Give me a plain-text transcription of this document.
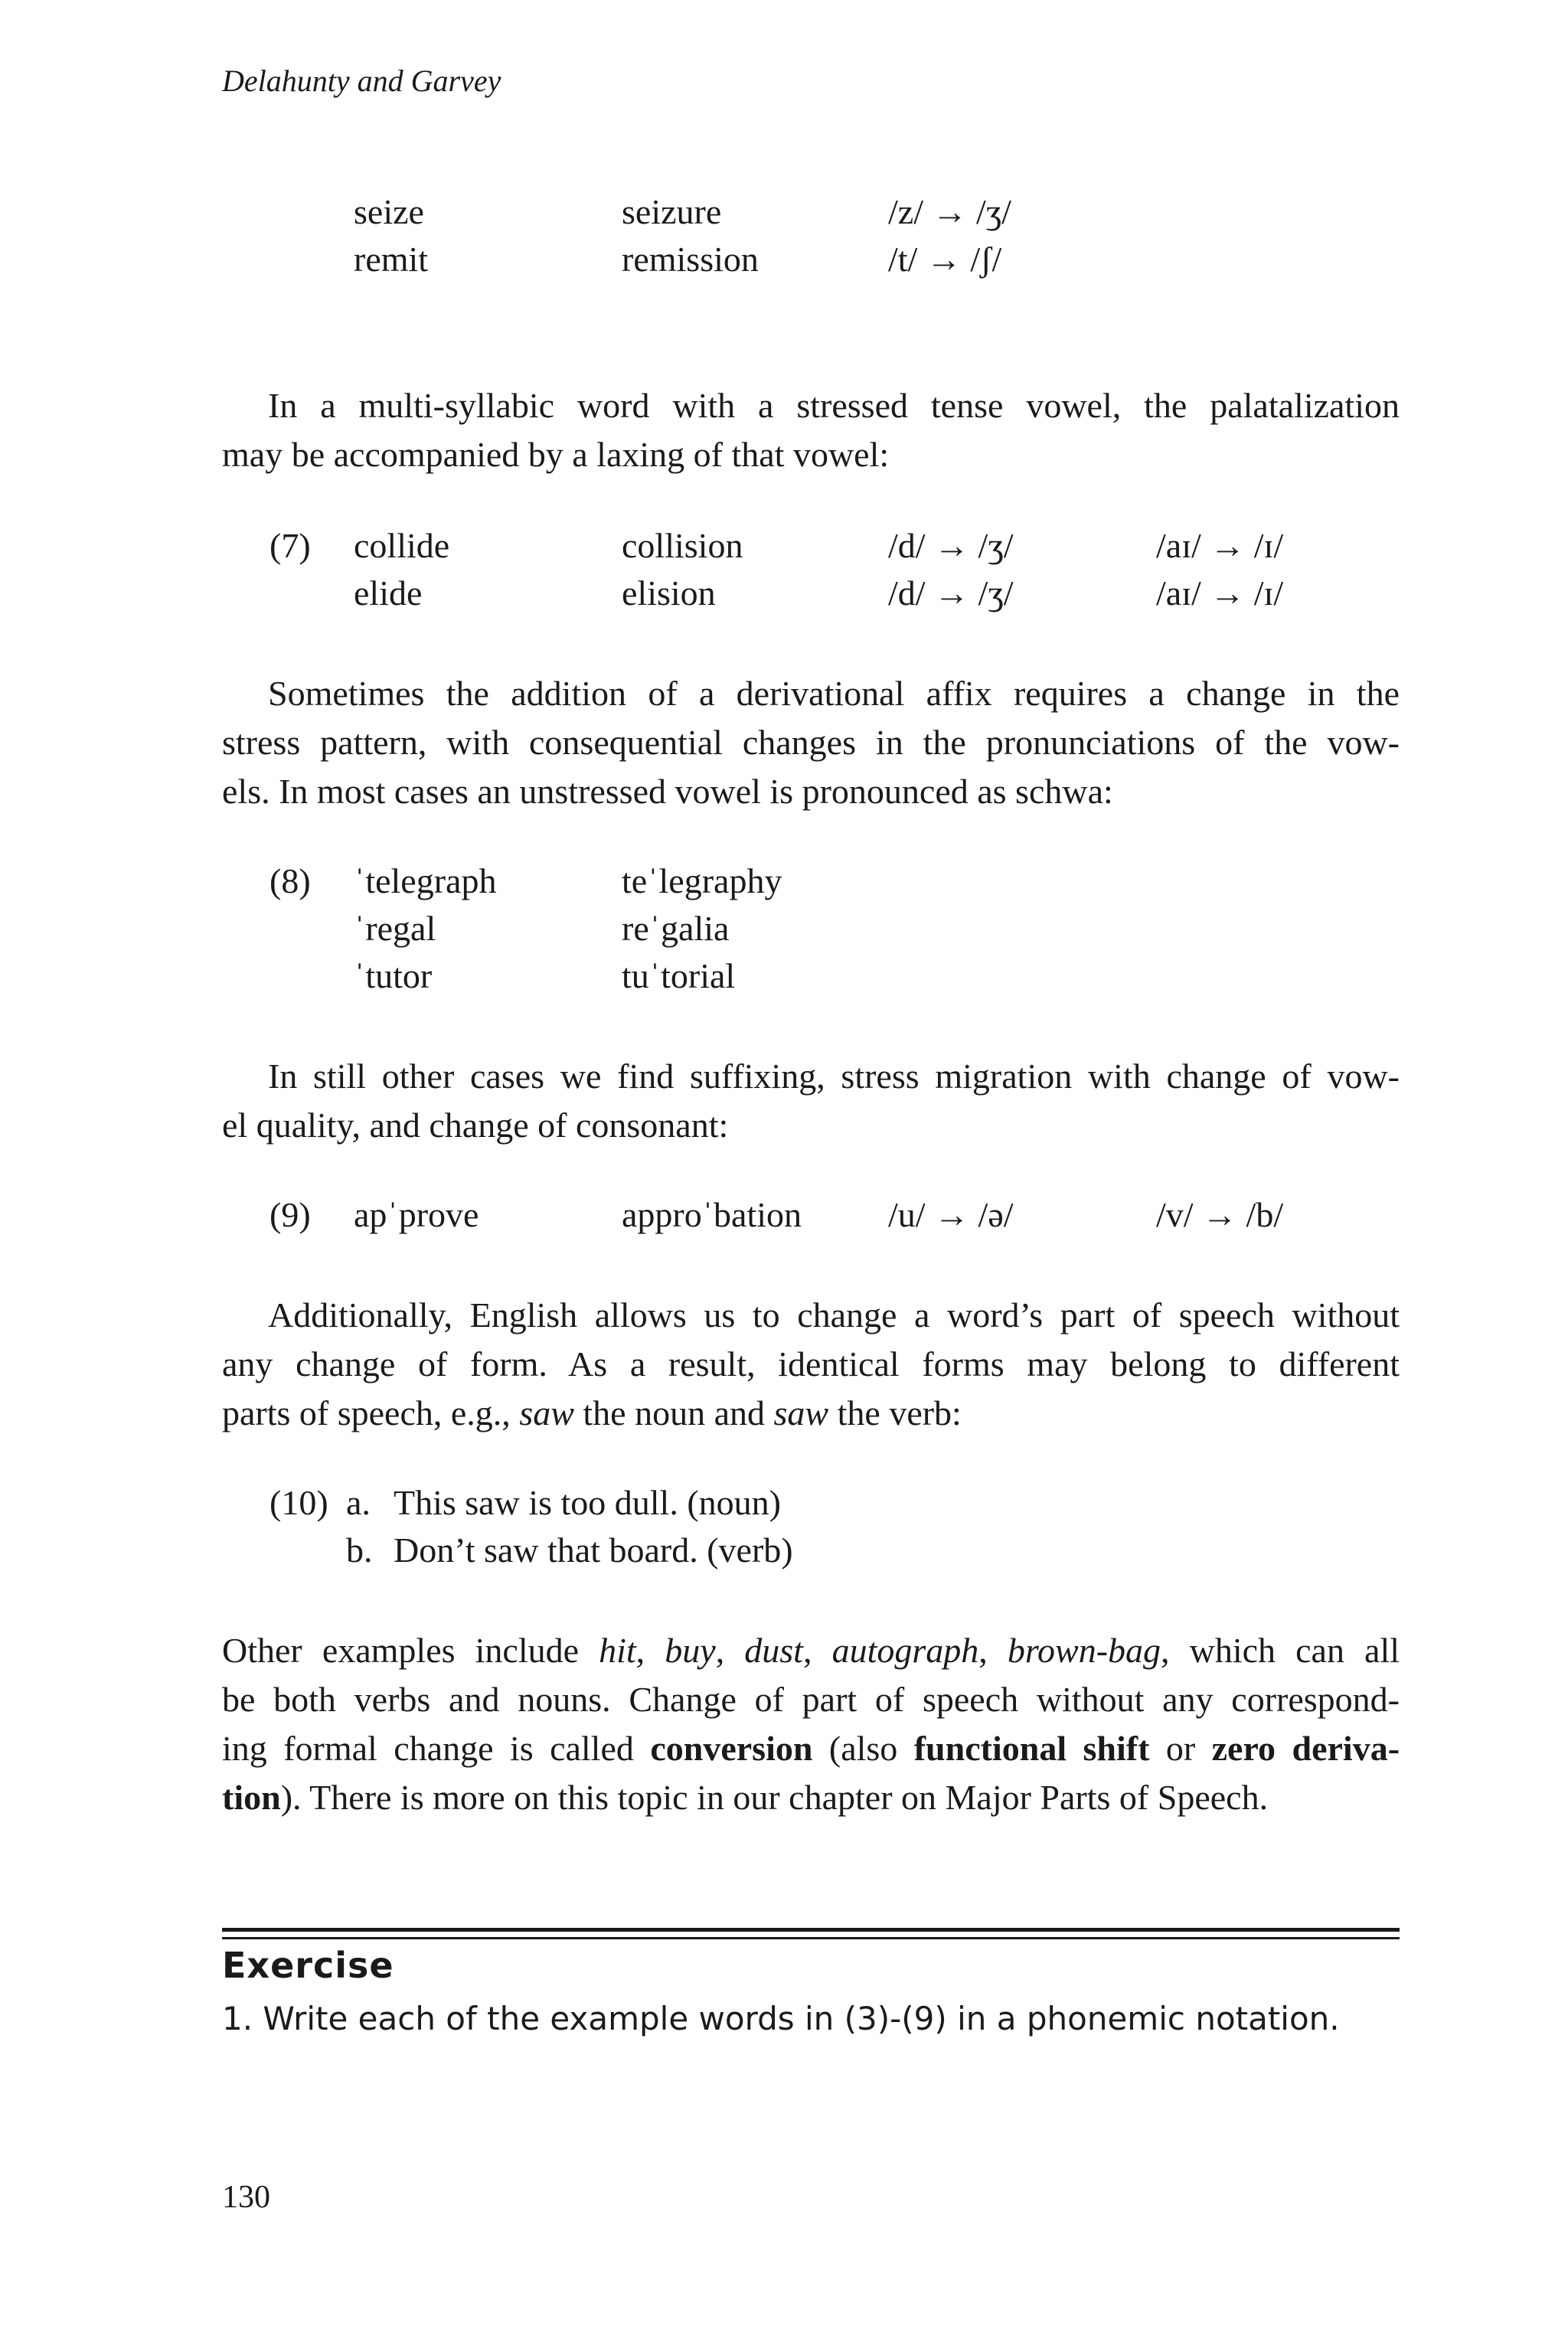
Delahunty and Garvey
seize	seizure	/z/ → /ʒ/
remit	remission	/t/ → /ʃ/
In a multi-syllabic word with a stressed tense vowel, the palatalization
may be accompanied by a laxing of that vowel:
(7) collide	collision	/d/ → /ʒ/	/aɪ/ → /ɪ/
elide	elision	/d/ → /ʒ/	/aɪ/ → /ɪ/
Sometimes the addition of a derivational affix requires a change in the
stress pattern, with consequential changes in the pronunciations of the vow-
els. In most cases an unstressed vowel is pronounced as schwa:
(8) ˈtelegraph	teˈlegraphy
ˈregal	reˈgalia
ˈtutor	tuˈtorial
In still other cases we find suffixing, stress migration with change of vow-
el quality, and change of consonant:
(9) apˈprove	approˈbation /u/ → /ə/	/v/ → /b/
Additionally, English allows us to change a word’s part of speech without
any change of form. As a result, identical forms may belong to different
parts of speech, e.g., saw the noun and saw the verb:
(10) a. This saw is too dull. (noun)
b. Don’t saw that board. (verb)
Other examples include hit, buy, dust, autograph, brown-bag, which can all
be both verbs and nouns. Change of part of speech without any correspond-
ing formal change is called conversion (also functional shift or zero deriva-
tion). There is more on this topic in our chapter on Major Parts of Speech.
Exercise
1. Write each of the example words in (3)-(9) in a phonemic notation.
130
